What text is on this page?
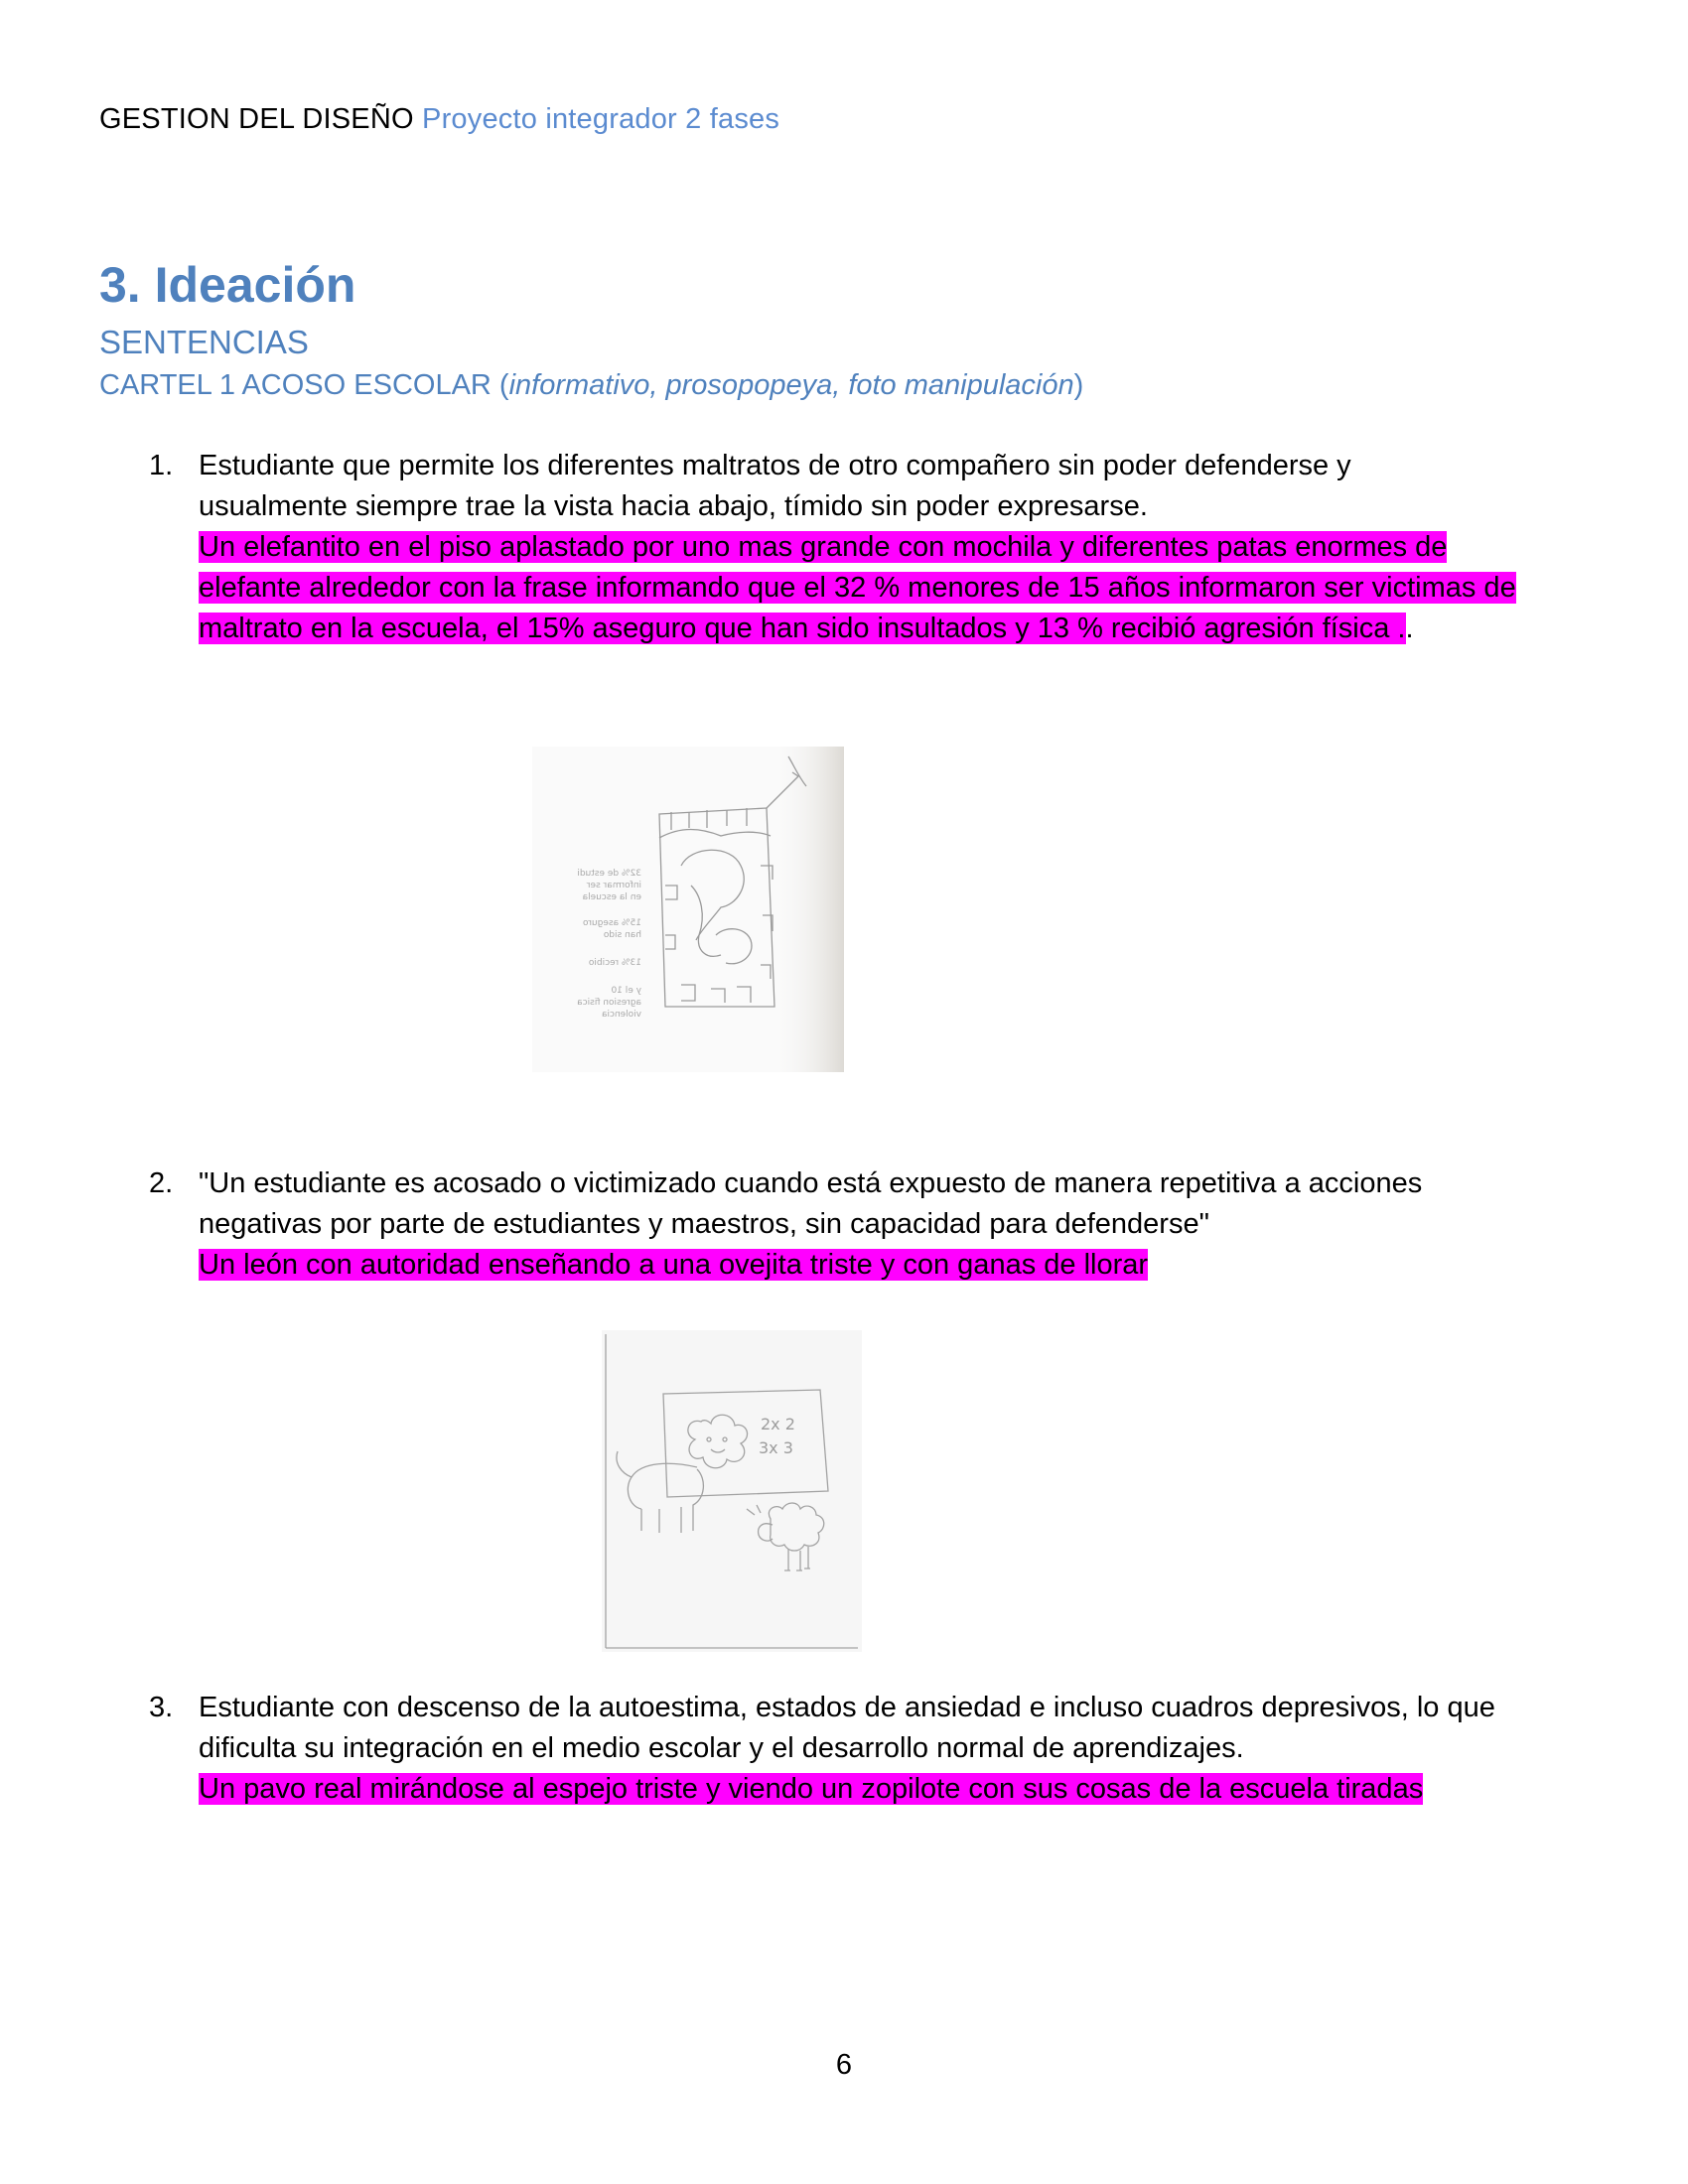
GESTION DEL DISEÑO Proyecto integrador 2 fases
3. Ideación
SENTENCIAS
CARTEL 1 ACOSO ESCOLAR (informativo, prosopopeya, foto manipulación)
1. Estudiante que permite los diferentes maltratos de otro compañero sin poder defenderse y

usualmente siempre trae la vista hacia abajo, tímido sin poder expresarse.

Un elefantito en el piso aplastado por uno mas grande con mochila y diferentes patas enormes de

elefante alrededor con la frase informando que el 32 % menores de 15 años informaron ser victimas de

maltrato en la escuela, el 15% aseguro que han sido insultados y 13 % recibió agresión física ..

32% de estudi
informar ser
en la escuela
15% aseguro
han sido
13% recibio
y el 10
agresion fisica
violencia
2. "Un estudiante es acosado o victimizado cuando está expuesto de manera repetitiva a acciones

negativas por parte de estudiantes y maestros, sin capacidad para defenderse"

Un león con autoridad enseñando a una ovejita triste y con ganas de llorar

2x 2
3x 3
3. Estudiante con descenso de la autoestima, estados de ansiedad e incluso cuadros depresivos, lo que

dificulta su integración en el medio escolar y el desarrollo normal de aprendizajes.

Un pavo real mirándose al espejo triste y viendo un zopilote con sus cosas de la escuela tiradas

6
